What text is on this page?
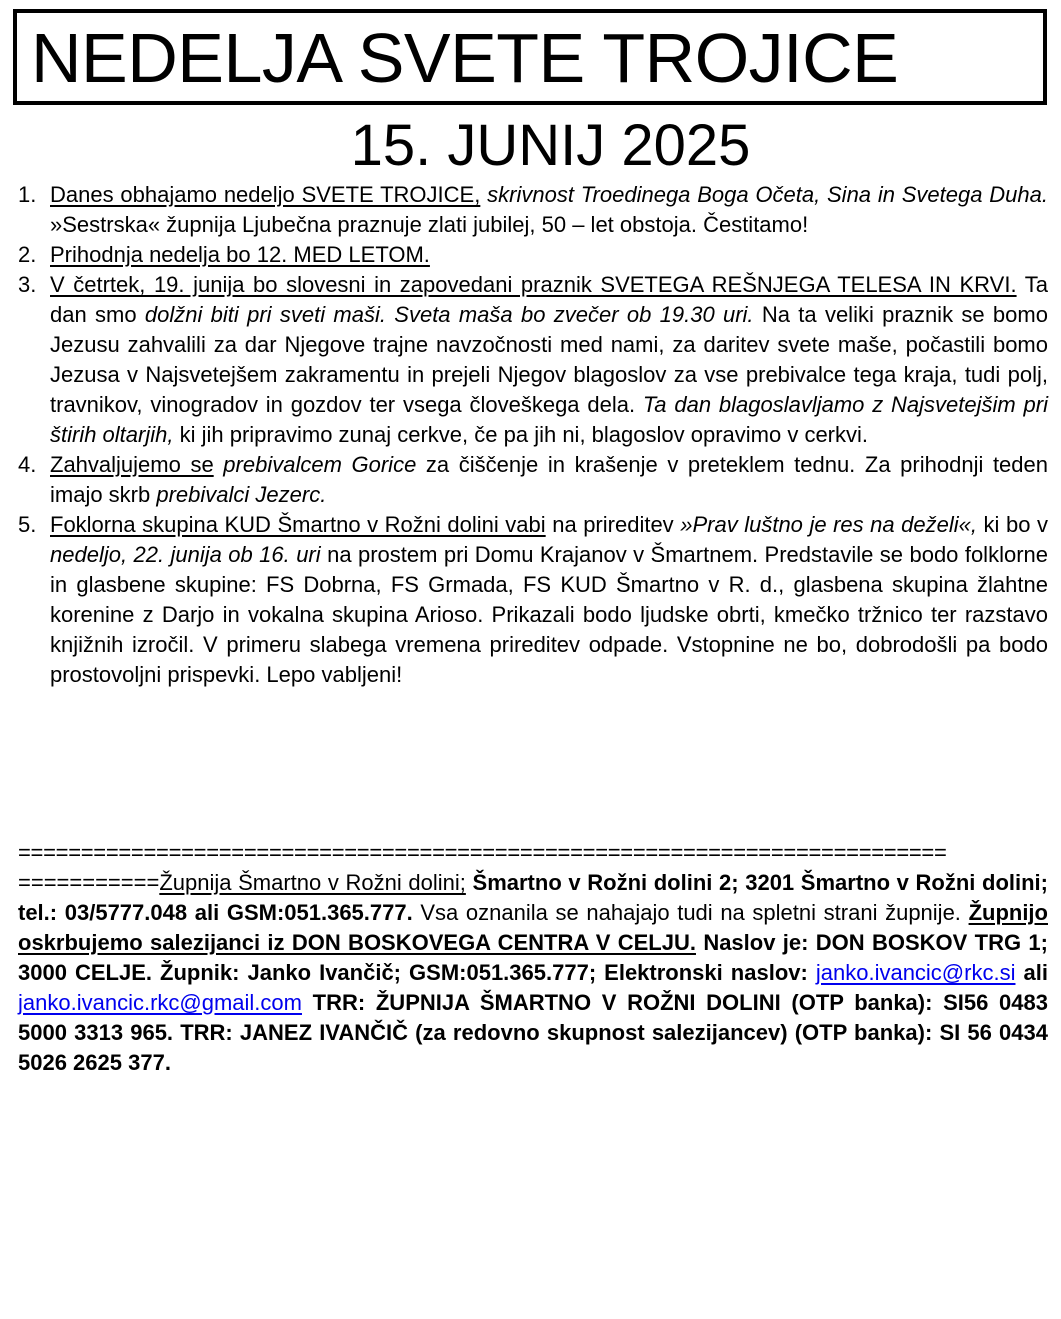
NEDELJA SVETE TROJICE
15. JUNIJ 2025
1. Danes obhajamo nedeljo SVETE TROJICE, skrivnost Troedinega Boga Očeta, Sina in Svetega Duha. »Sestrska« župnija Ljubečna praznuje zlati jubilej, 50 – let obstoja. Čestitamo!
2. Prihodnja nedelja bo 12. MED LETOM.
3. V četrtek, 19. junija bo slovesni in zapovedani praznik SVETEGA REŠNJEGA TELESA IN KRVI. Ta dan smo dolžni biti pri sveti maši. Sveta maša bo zvečer ob 19.30 uri. Na ta veliki praznik se bomo Jezusu zahvalili za dar Njegove trajne navzočnosti med nami, za daritev svete maše, počastili bomo Jezusa v Najsvetejšem zakramentu in prejeli Njegov blagoslov za vse prebivalce tega kraja, tudi polj, travnikov, vinogradov in gozdov ter vsega človeškega dela. Ta dan blagoslavljamo z Najsvetejšim pri štirih oltarjih, ki jih pripravimo zunaj cerkve, če pa jih ni, blagoslov opravimo v cerkvi.
4. Zahvaljujemo se prebivalcem Gorice za čiščenje in krašenje v preteklem tednu. Za prihodnji teden imajo skrb prebivalci Jezerc.
5. Foklorna skupina KUD Šmartno v Rožni dolini vabi na prireditev »Prav luštno je res na deželi«, ki bo v nedeljo, 22. junija ob 16. uri na prostem pri Domu Krajanov v Šmartnem. Predstavile se bodo folklorne in glasbene skupine: FS Dobrna, FS Grmada, FS KUD Šmartno v R. d., glasbena skupina žlahtne korenine z Darjo in vokalna skupina Arioso. Prikazali bodo ljudske obrti, kmečko tržnico ter razstavo knjižnih izročil. V primeru slabega vremena prireditev odpade. Vstopnine ne bo, dobrodošli pa bodo prostovoljni prispevki. Lepo vabljeni!
==========================================================================
===========Župnija Šmartno v Rožni dolini; Šmartno v Rožni dolini 2; 3201 Šmartno v Rožni dolini; tel.: 03/5777.048 ali GSM:051.365.777. Vsa oznanila se nahajajo tudi na spletni strani župnije. Župnijo oskrbujemo salezijanci iz DON BOSKOVEGA CENTRA V CELJU. Naslov je: DON BOSKOV TRG 1; 3000 CELJE. Župnik: Janko Ivančič; GSM:051.365.777; Elektronski naslov: janko.ivancic@rkc.si ali janko.ivancic.rkc@gmail.com TRR: ŽUPNIJA ŠMARTNO V ROŽNI DOLINI (OTP banka): SI56 0483 5000 3313 965. TRR: JANEZ IVANČIČ (za redovno skupnost salezijancev) (OTP banka): SI 56 0434 5026 2625 377.
